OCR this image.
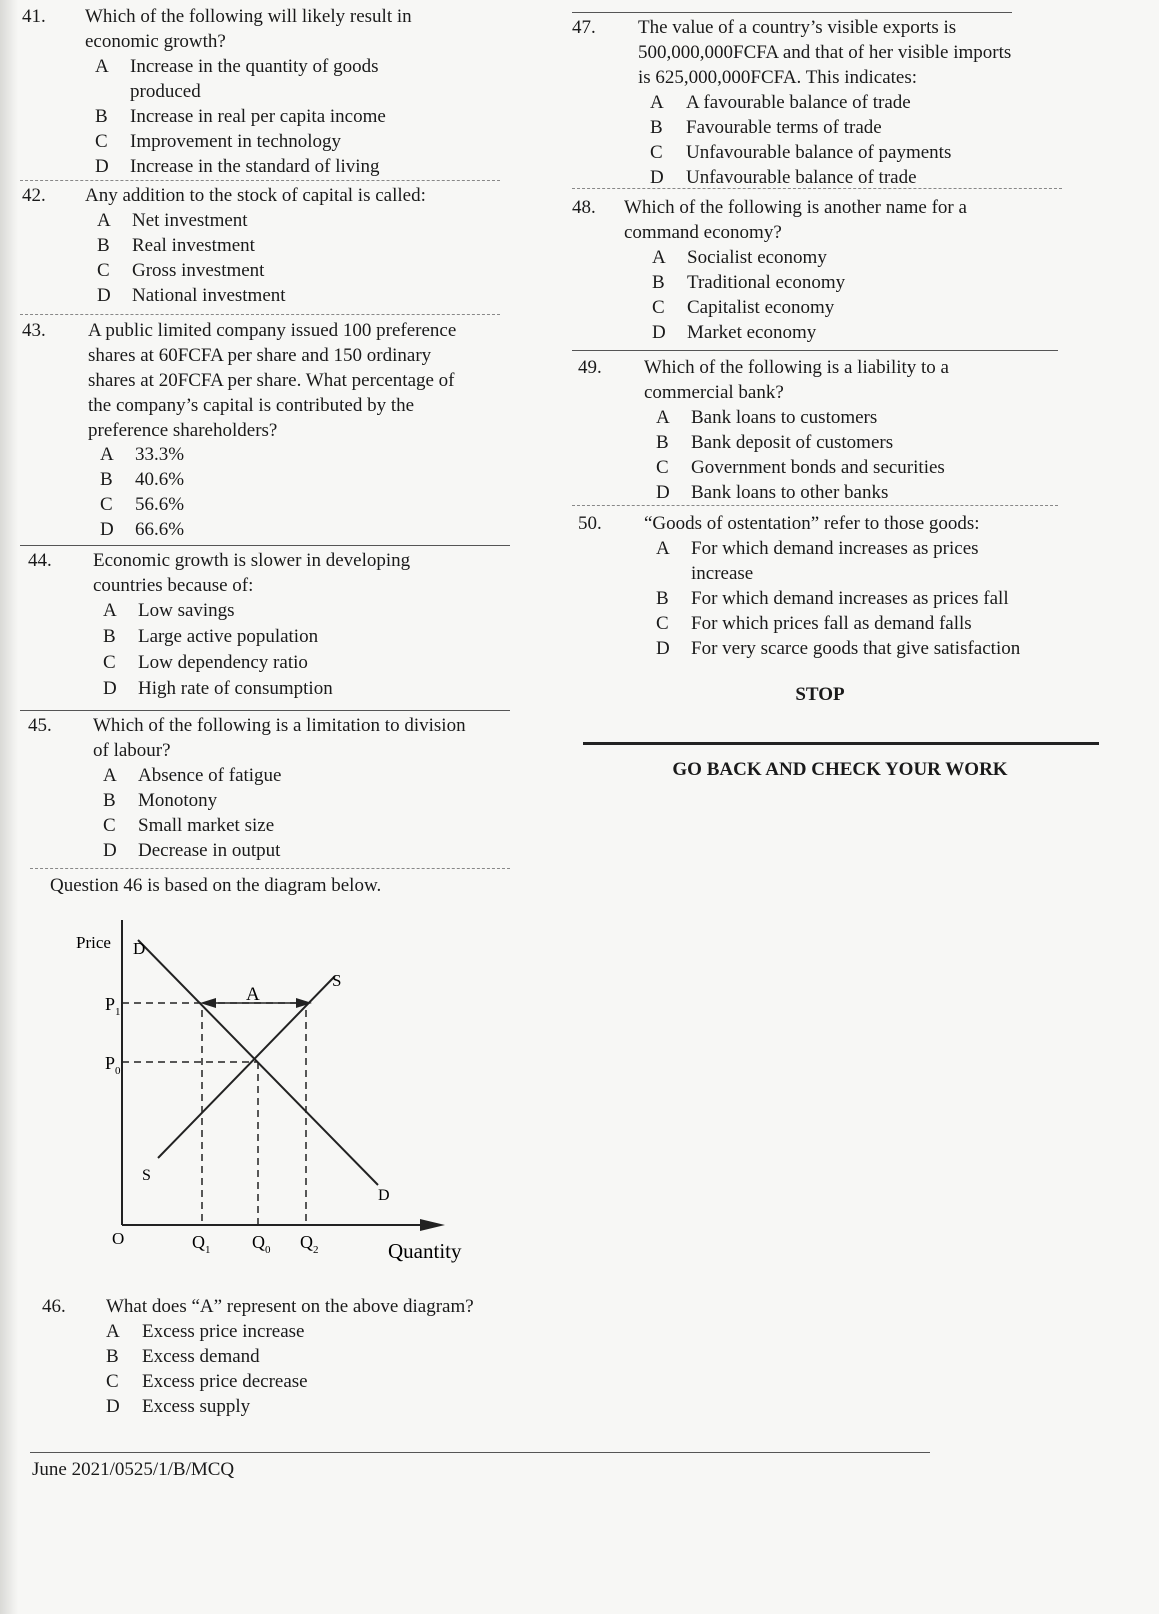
41. Which of the following will likely result in
economic growth?
A Increase in the quantity of goods
produced
B Increase in real per capita income
C Improvement in technology
D Increase in the standard of living
42. Any addition to the stock of capital is called:
A Net investment
B Real investment
C Gross investment
D National investment
43. A public limited company issued 100 preference
shares at 60FCFA per share and 150 ordinary
shares at 20FCFA per share. What percentage of
the company’s capital is contributed by the
preference shareholders?
A 33.3%
B 40.6%
C 56.6%
D 66.6%
44. Economic growth is slower in developing
countries because of:
A Low savings
B Large active population
C Low dependency ratio
D High rate of consumption
45. Which of the following is a limitation to division
of labour?
A Absence of fatigue
B Monotony
C Small market size
D Decrease in output
Question 46 is based on the diagram below.
Price
Quantity
O
D
D
S
S
A
$P_1$
$P_0$
$Q_1$ $Q_0$ $Q_2$
46. What does “A” represent on the above diagram?
A Excess price increase
B Excess demand
C Excess price decrease
D Excess supply
47. The value of a country’s visible exports is
500,000,000FCFA and that of her visible imports
is 625,000,000FCFA. This indicates:
A A favourable balance of trade
B Favourable terms of trade
C Unfavourable balance of payments
D Unfavourable balance of trade
48. Which of the following is another name for a
command economy?
A Socialist economy
B Traditional economy
C Capitalist economy
D Market economy
49. Which of the following is a liability to a
commercial bank?
A Bank loans to customers
B Bank deposit of customers
C Government bonds and securities
D Bank loans to other banks
50. “Goods of ostentation” refer to those goods:
A For which demand increases as prices
increase
B For which demand increases as prices fall
C For which prices fall as demand falls
D For very scarce goods that give satisfaction
STOP
GO BACK AND CHECK YOUR WORK
June 2021/0525/1/B/MCQ
